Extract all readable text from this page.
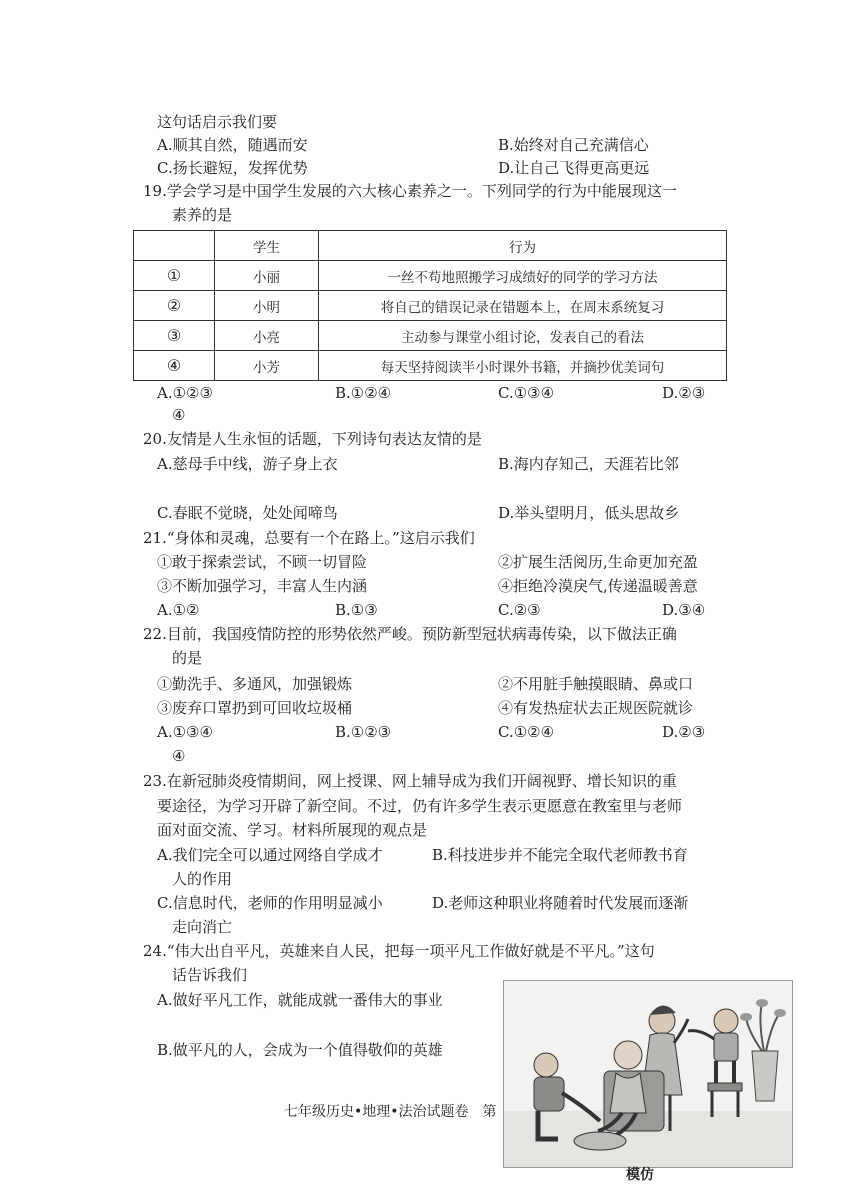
这句话启示我们要
A.顺其自然，随遇而安	B.始终对自己充满信心
C.扬长避短，发挥优势	D.让自己飞得更高更远
19.学会学习是中国学生发展的六大核心素养之一。下列同学的行为中能展现这一
素养的是
	学生	行为
①	小丽	一丝不苟地照搬学习成绩好的同学的学习方法
②	小明	将自己的错误记录在错题本上，在周末系统复习
③	小亮	主动参与课堂小组讨论，发表自己的看法
④	小芳	每天坚持阅读半小时课外书籍，并摘抄优美词句
A.①②③	B.①②④	C.①③④	D.②③
④
20.友情是人生永恒的话题，下列诗句表达友情的是
A.慈母手中线，游子身上衣	B.海内存知己，天涯若比邻
C.春眠不觉晓，处处闻啼鸟	D.举头望明月，低头思故乡
21.“身体和灵魂，总要有一个在路上。”这启示我们
①敢于探索尝试，不顾一切冒险	②扩展生活阅历,生命更加充盈
③不断加强学习，丰富人生内涵	④拒绝冷漠戾气,传递温暖善意
A.①②	B.①③	C.②③	D.③④
22.目前，我国疫情防控的形势依然严峻。预防新型冠状病毒传染，以下做法正确
的是
①勤洗手、多通风，加强锻炼	②不用脏手触摸眼睛、鼻或口
③废弃口罩扔到可回收垃圾桶	④有发热症状去正规医院就诊
A.①③④	B.①②③	C.①②④	D.②③
④
23.在新冠肺炎疫情期间，网上授课、网上辅导成为我们开阔视野、增长知识的重
要途径，为学习开辟了新空间。不过，仍有许多学生表示更愿意在教室里与老师
面对面交流、学习。材料所展现的观点是
A.我们完全可以通过网络自学成才	B.科技进步并不能完全取代老师教书育
人的作用
C.信息时代，老师的作用明显减小	D.老师这种职业将随着时代发展而逐渐
走向消亡
24.“伟大出自平凡，英雄来自人民，把每一项平凡工作做好就是不平凡。”这句
话告诉我们
A.做好平凡工作，就能成就一番伟大的事业
B.做平凡的人，会成为一个值得敬仰的英雄
七年级历史•地理•法治试题卷　第
模仿
